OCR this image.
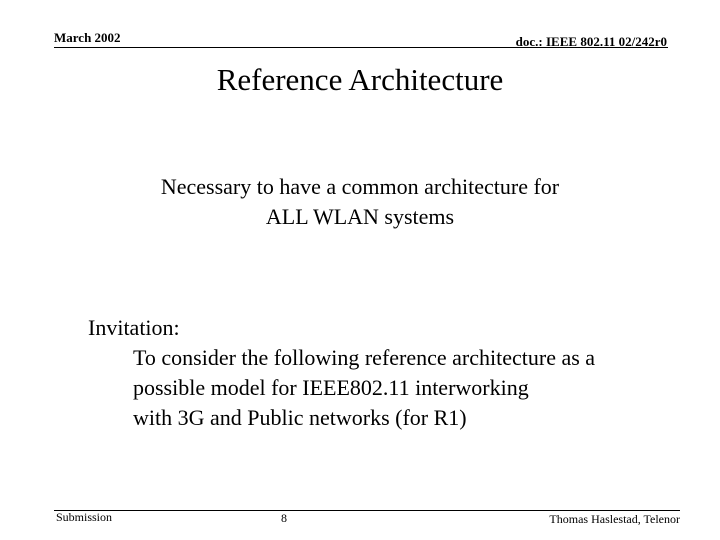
March 2002	doc.: IEEE 802.11 02/242r0
Reference Architecture
Necessary to have a common architecture for
ALL WLAN systems
Invitation:
To consider the following reference architecture as a
possible model for IEEE802.11 interworking
with 3G and Public networks (for R1)
Submission	8	Thomas Haslestad, Telenor
